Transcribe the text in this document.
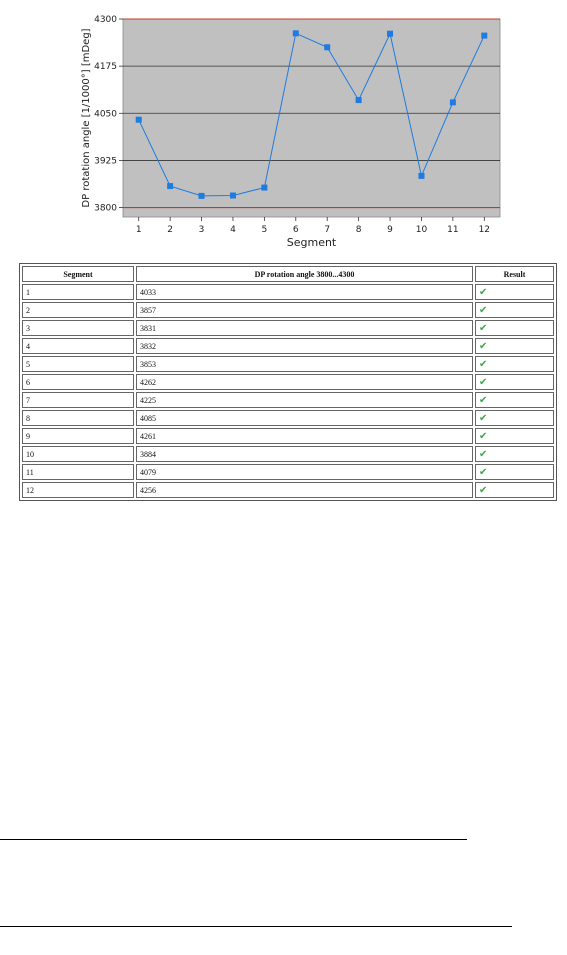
3800
3925
4050
4175
4300
1	2	3	4	5	6	7	8	9	10 11 12
Segment
DP rotation angle [1/1000°] [mDeg]
Segment	DP rotation angle 3800...4300	Result
1	4033	✔
2	3857	✔
3	3831	✔
4	3832	✔
5	3853	✔
6	4262	✔
7	4225	✔
8	4085	✔
9	4261	✔
10	3884	✔
11	4079	✔
12	4256	✔
